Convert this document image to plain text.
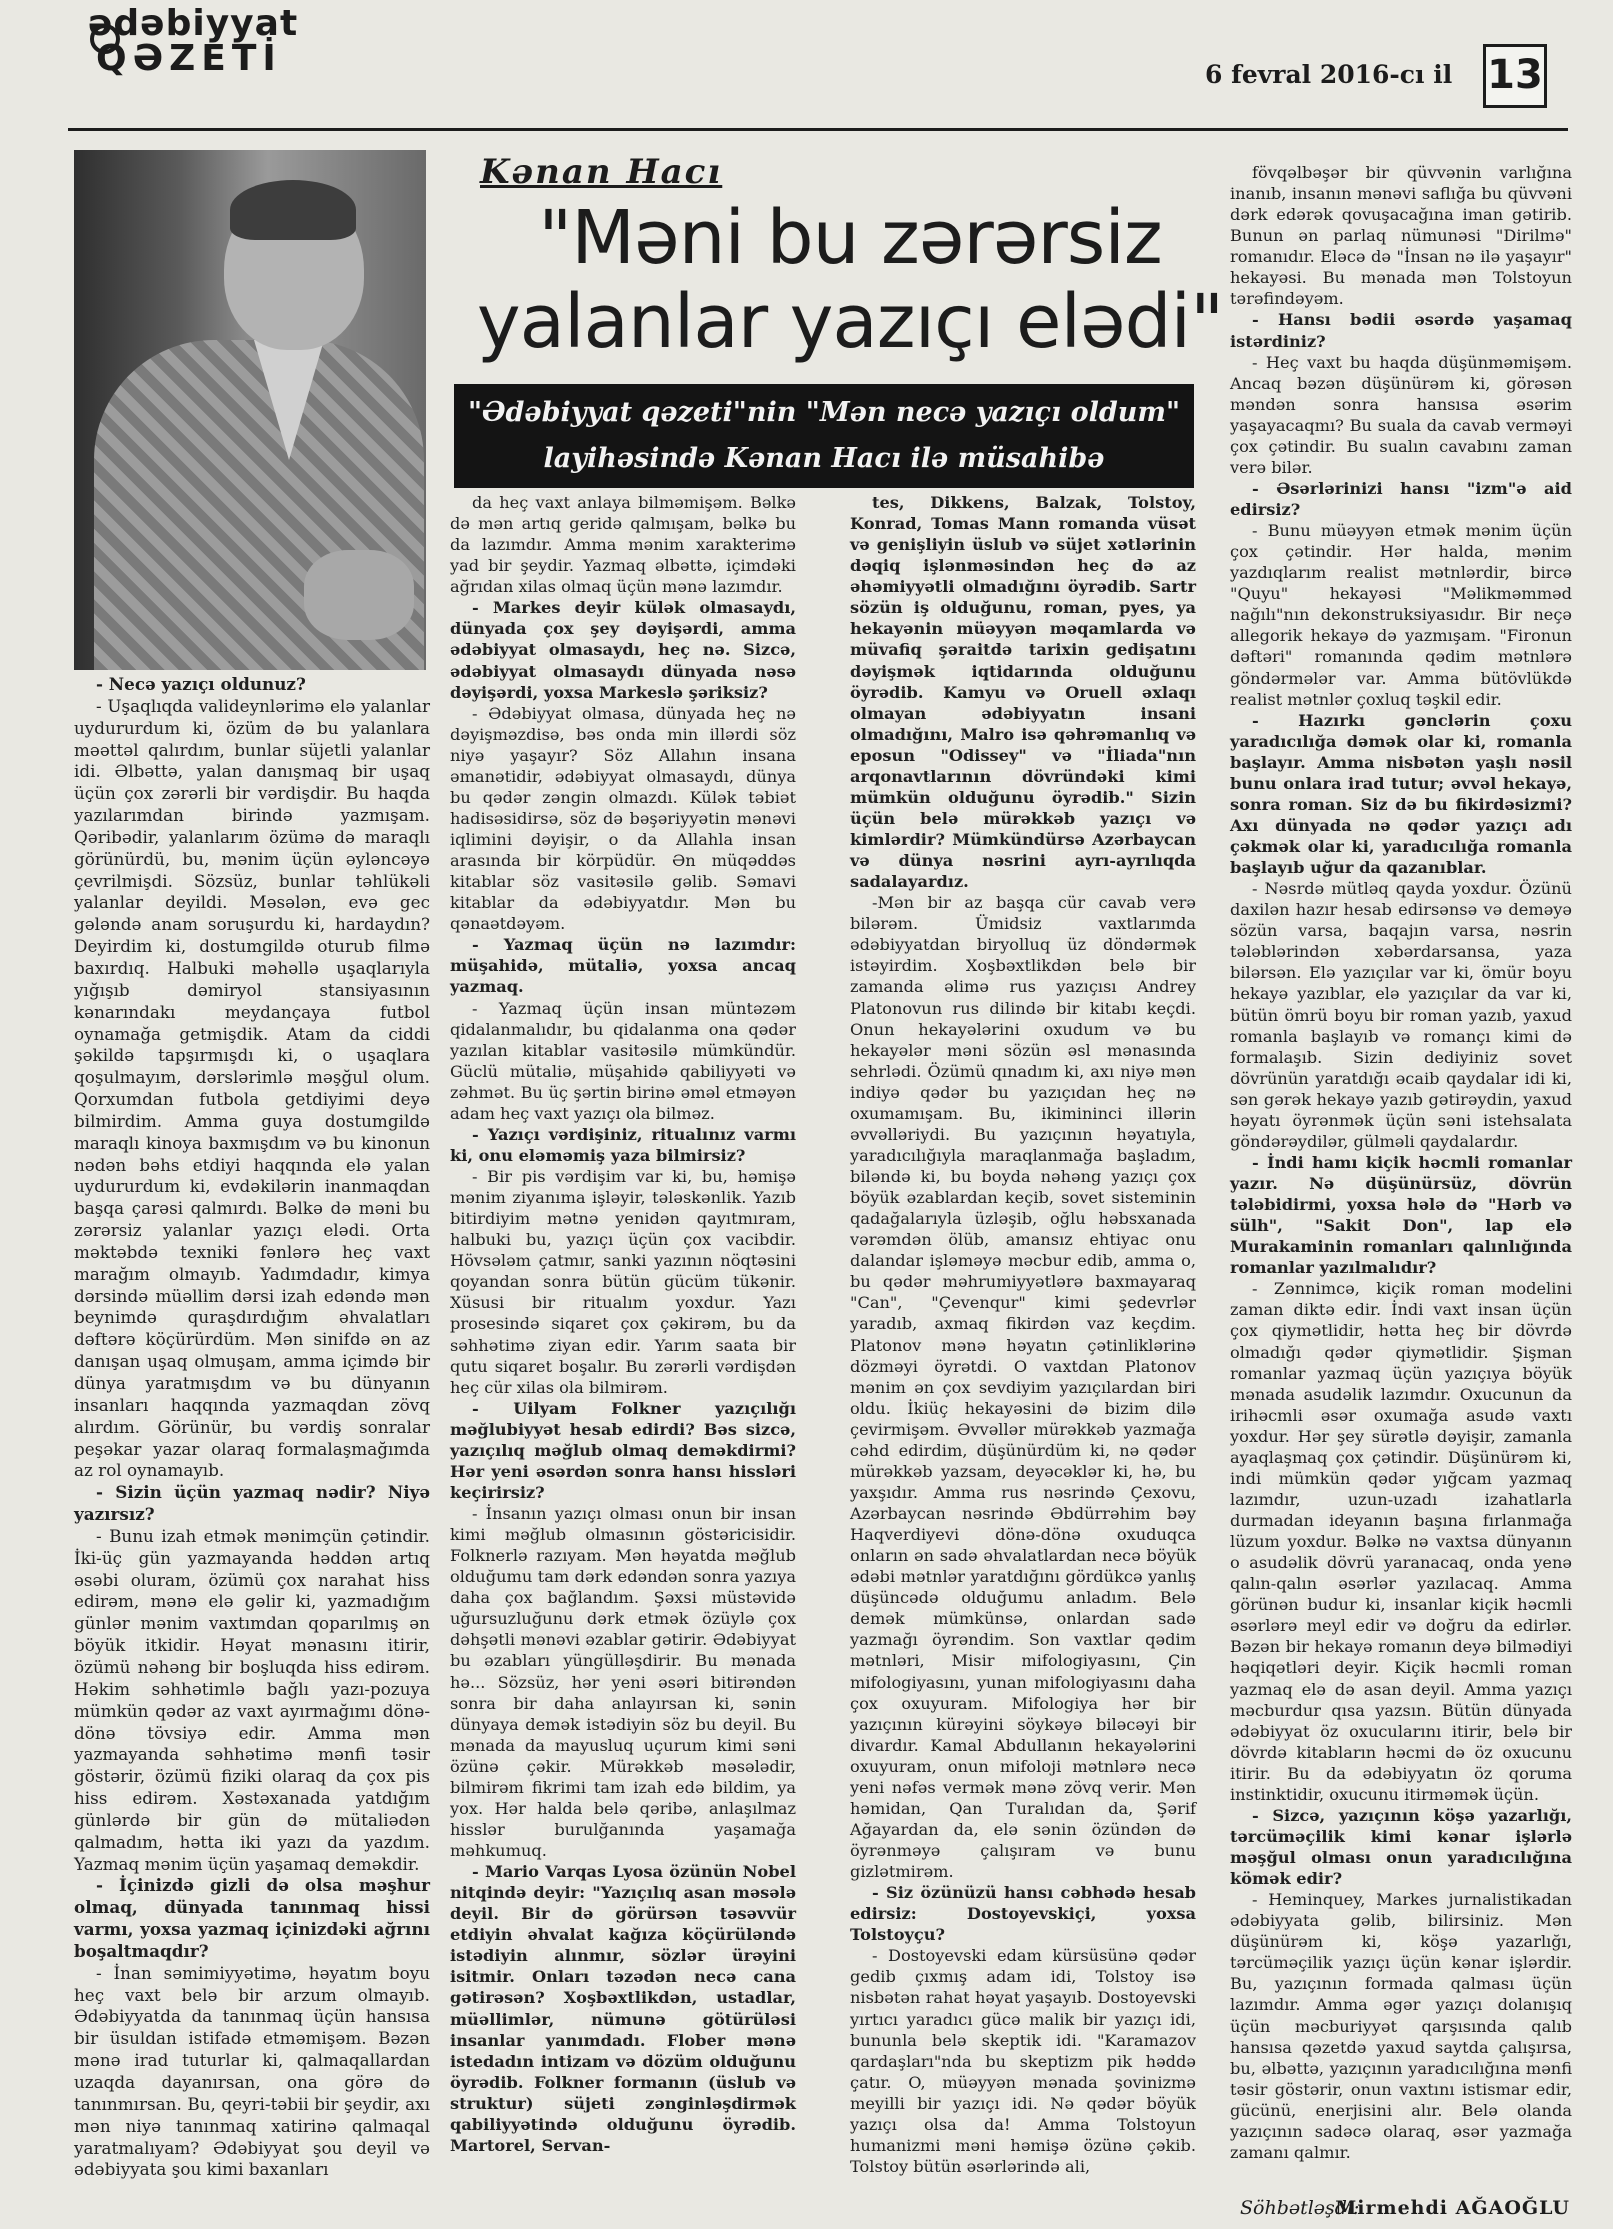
ədəbiyyat
QƏZETİ	6 fevral 2016-cı il 13
Kənan Hacı
"Məni bu zərərsiz
yalanlar yazıçı elədi"
"Ədəbiyyat qəzeti"nin "Mən necə yazıçı oldum"
layihəsində Kənan Hacı ilə müsahibə

- Necə yazıçı oldunuz?

- Uşaqlıqda valideynlərimə elə yalanlar uydururdum ki, özüm də bu yalanlara məəttəl qalırdım, bunlar süjetli yalanlar idi. Əlbəttə, yalan danışmaq bir uşaq üçün çox zərərli bir vərdişdir. Bu haqda yazılarımdan birində yazmışam. Qəribədir, yalanlarım özümə də maraqlı görünürdü, bu, mənim üçün əyləncəyə çevrilmişdi. Sözsüz, bunlar təhlükəli yalanlar deyildi. Məsələn, evə gec gələndə anam soruşurdu ki, hardaydın? Deyirdim ki, dostumgildə oturub filmə baxırdıq. Halbuki məhəllə uşaqlarıyla yığışıb dəmiryol stansiyasının kənarındakı meydançaya futbol oynamağa getmişdik. Atam da ciddi şəkildə tapşırmışdı ki, o uşaqlara qoşulmayım, dərslərimlə məşğul olum. Qorxumdan futbola getdiyimi deyə bilmirdim. Amma guya dostumgildə maraqlı kinoya baxmışdım və bu kinonun nədən bəhs etdiyi haqqında elə yalan uydururdum ki, evdəkilərin inanmaqdan başqa çarəsi qalmırdı. Bəlkə də məni bu zərərsiz yalanlar yazıçı elədi. Orta məktəbdə texniki fənlərə heç vaxt marağım olmayıb. Yadımdadır, kimya dərsində müəllim dərsi izah edəndə mən beynimdə quraşdırdığım əhvalatları dəftərə köçürürdüm. Mən sinifdə ən az danışan uşaq olmuşam, amma içimdə bir dünya yaratmışdım və bu dünyanın insanları haqqında yazmaqdan zövq alırdım. Görünür, bu vərdiş sonralar peşəkar yazar olaraq formalaşmağımda az rol oynamayıb.

- Sizin üçün yazmaq nədir? Niyə yazırsız?

- Bunu izah etmək mənimçün çətindir. İki-üç gün yazmayanda həddən artıq əsəbi oluram, özümü çox narahat hiss edirəm, mənə elə gəlir ki, yazmadığım günlər mənim vaxtımdan qoparılmış ən böyük itkidir. Həyat mənasını itirir, özümü nəhəng bir boşluqda hiss edirəm. Həkim səhhətimlə bağlı yazı-pozuya mümkün qədər az vaxt ayırmağımı dönə-dönə tövsiyə edir. Amma mən yazmayanda səhhətimə mənfi təsir göstərir, özümü fiziki olaraq da çox pis hiss edirəm. Xəstəxanada yatdığım günlərdə bir gün də mütaliədən qalmadım, hətta iki yazı da yazdım. Yazmaq mənim üçün yaşamaq deməkdir.

- İçinizdə gizli də olsa məşhur olmaq, dünyada tanınmaq hissi varmı, yoxsa yazmaq içinizdəki ağrını boşaltmaqdır?

- İnan səmimiyyətimə, həyatım boyu heç vaxt belə bir arzum olmayıb. Ədəbiyyatda da tanınmaq üçün hansısa bir üsuldan istifadə etməmişəm. Bəzən mənə irad tuturlar ki, qalmaqallardan uzaqda dayanırsan, ona görə də tanınmırsan. Bu, qeyri-təbii bir şeydir, axı mən niyə tanınmaq xatirinə qalmaqal yaratmalıyam? Ədəbiyyat şou deyil və ədəbiyyata şou kimi baxanları

da heç vaxt anlaya bilməmişəm. Bəlkə də mən artıq geridə qalmışam, bəlkə bu da lazımdır. Amma mənim xarakterimə yad bir şeydir. Yazmaq əlbəttə, içimdəki ağrıdan xilas olmaq üçün mənə lazımdır.

- Markes deyir külək olmasaydı, dünyada çox şey dəyişərdi, amma ədəbiyyat olmasaydı, heç nə. Sizcə, ədəbiyyat olmasaydı dünyada nəsə dəyişərdi, yoxsa Markeslə şəriksiz?

- Ədəbiyyat olmasa, dünyada heç nə dəyişməzdisə, bəs onda min illərdi söz niyə yaşayır? Söz Allahın insana əmanətidir, ədəbiyyat olmasaydı, dünya bu qədər zəngin olmazdı. Külək təbiət hadisəsidirsə, söz də bəşəriyyətin mənəvi iqlimini dəyişir, o da Allahla insan arasında bir körpüdür. Ən müqəddəs kitablar söz vasitəsilə gəlib. Səmavi kitablar da ədəbiyyatdır. Mən bu qənaətdəyəm.

- Yazmaq üçün nə lazımdır: müşahidə, mütaliə, yoxsa ancaq yazmaq.

- Yazmaq üçün insan müntəzəm qidalanmalıdır, bu qidalanma ona qədər yazılan kitablar vasitəsilə mümkündür. Güclü mütaliə, müşahidə qabiliyyəti və zəhmət. Bu üç şərtin birinə əməl etməyən adam heç vaxt yazıçı ola bilməz.

- Yazıçı vərdişiniz, ritualınız varmı ki, onu eləməmiş yaza bilmirsiz?

- Bir pis vərdişim var ki, bu, həmişə mənim ziyanıma işləyir, tələskənlik. Yazıb bitirdiyim mətnə yenidən qayıtmıram, halbuki bu, yazıçı üçün çox vacibdir. Hövsələm çatmır, sanki yazının nöqtəsini qoyandan sonra bütün gücüm tükənir. Xüsusi bir ritualım yoxdur. Yazı prosesində siqaret çox çəkirəm, bu da səhhətimə ziyan edir. Yarım saata bir qutu siqaret boşalır. Bu zərərli vərdişdən heç cür xilas ola bilmirəm.

- Uilyam Folkner yazıçılığı məğlubiyyət hesab edirdi? Bəs sizcə, yazıçılıq məğlub olmaq deməkdirmi? Hər yeni əsərdən sonra hansı hissləri keçirirsiz?

- İnsanın yazıçı olması onun bir insan kimi məğlub olmasının göstəricisidir. Folknerlə razıyam. Mən həyatda məğlub olduğumu tam dərk edəndən sonra yazıya daha çox bağlandım. Şəxsi müstəvidə uğursuzluğunu dərk etmək özüylə çox dəhşətli mənəvi əzablar gətirir. Ədəbiyyat bu əzabları yüngülləşdirir. Bu mənada hə... Sözsüz, hər yeni əsəri bitirəndən sonra bir daha anlayırsan ki, sənin dünyaya demək istədiyin söz bu deyil. Bu mənada da mayusluq uçurum kimi səni özünə çəkir. Mürəkkəb məsələdir, bilmirəm fikrimi tam izah edə bildim, ya yox. Hər halda belə qəribə, anlaşılmaz hisslər burulğanında yaşamağa məhkumuq.

- Mario Varqas Lyosa özünün Nobel nitqində deyir: "Yazıçılıq asan məsələ deyil. Bir də görürsən təsəvvür etdiyin əhvalat kağıza köçürüləndə istədiyin alınmır, sözlər ürəyini isitmir. Onları təzədən necə cana gətirəsən? Xoşbəxtlikdən, ustadlar, müəllimlər, nümunə götürüləsi insanlar yanımdadı. Flober mənə istedadın intizam və dözüm olduğunu öyrədib. Folkner formanın (üslub və struktur) süjeti zənginləşdirmək qabiliyyətində olduğunu öyrədib. Martorel, Servan-

tes, Dikkens, Balzak, Tolstoy, Konrad, Tomas Mann romanda vüsət və genişliyin üslub və süjet xətlərinin dəqiq işlənməsindən heç də az əhəmiyyətli olmadığını öyrədib. Sartr sözün iş olduğunu, roman, pyes, ya hekayənin müəyyən məqamlarda və müvafiq şəraitdə tarixin gedişatını dəyişmək iqtidarında olduğunu öyrədib. Kamyu və Oruell əxlaqı olmayan ədəbiyyatın insani olmadığını, Malro isə qəhrəmanlıq və eposun "Odissey" və "İliada"nın arqonavtlarının dövründəki kimi mümkün olduğunu öyrədib." Sizin üçün belə mürəkkəb yazıçı və kimlərdir? Mümkündürsə Azərbaycan və dünya nəsrini ayrı-ayrılıqda sadalayardız.

-Mən bir az başqa cür cavab verə bilərəm. Ümidsiz vaxtlarımda ədəbiyyatdan biryolluq üz döndərmək istəyirdim. Xoşbəxtlikdən belə bir zamanda əlimə rus yazıçısı Andrey Platonovun rus dilində bir kitabı keçdi. Onun hekayələrini oxudum və bu hekayələr məni sözün əsl mənasında sehrlədi. Özümü qınadım ki, axı niyə mən indiyə qədər bu yazıçıdan heç nə oxumamışam. Bu, ikimininci illərin əvvəlləriydi. Bu yazıçının həyatıyla, yaradıcılığıyla maraqlanmağa başladım, biləndə ki, bu boyda nəhəng yazıçı çox böyük əzablardan keçib, sovet sisteminin qadağalarıyla üzləşib, oğlu həbsxanada vərəmdən ölüb, amansız ehtiyac onu dalandar işləməyə məcbur edib, amma o, bu qədər məhrumiyyətlərə baxmayaraq "Can", "Çevenqur" kimi şedevrlər yaradıb, axmaq fikirdən vaz keçdim. Platonov mənə həyatın çətinliklərinə dözməyi öyrətdi. O vaxtdan Platonov mənim ən çox sevdiyim yazıçılardan biri oldu. İkiüç hekayəsini də bizim dilə çevirmişəm. Əvvəllər mürəkkəb yazmağa cəhd edirdim, düşünürdüm ki, nə qədər mürəkkəb yazsam, deyəcəklər ki, hə, bu yaxşıdır. Amma rus nəsrində Çexovu, Azərbaycan nəsrində Əbdürrəhim bəy Haqverdiyevi dönə-dönə oxuduqca onların ən sadə əhvalatlardan necə böyük ədəbi mətnlər yaratdığını gördükcə yanlış düşüncədə olduğumu anladım. Belə demək mümkünsə, onlardan sadə yazmağı öyrəndim. Son vaxtlar qədim mətnləri, Misir mifologiyasını, Çin mifologiyasını, yunan mifologiyasını daha çox oxuyuram. Mifologiya hər bir yazıçının kürəyini söykəyə biləcəyi bir divardır. Kamal Abdullanın hekayələrini oxuyuram, onun mifoloji mətnlərə necə yeni nəfəs vermək mənə zövq verir. Mən həmidan, Qan Turalıdan da, Şərif Ağayardan da, elə sənin özündən də öyrənməyə çalışıram və bunu gizlətmirəm.

- Siz özünüzü hansı cəbhədə hesab edirsiz: Dostoyevskiçi, yoxsa Tolstoyçu?

- Dostoyevski edam kürsüsünə qədər gedib çıxmış adam idi, Tolstoy isə nisbətən rahat həyat yaşayıb. Dostoyevski yırtıcı yaradıcı gücə malik bir yazıçı idi, bununla belə skeptik idi. "Karamazov qardaşları"nda bu skeptizm pik həddə çatır. O, müəyyən mənada şovinizmə meyilli bir yazıçı idi. Nə qədər böyük yazıçı olsa da! Amma Tolstoyun humanizmi məni həmişə özünə çəkib. Tolstoy bütün əsərlərində ali,

fövqəlbəşər bir qüvvənin varlığına inanıb, insanın mənəvi saflığa bu qüvvəni dərk edərək qovuşacağına iman gətirib. Bunun ən parlaq nümunəsi "Dirilmə" romanıdır. Eləcə də "İnsan nə ilə yaşayır" hekayəsi. Bu mənada mən Tolstoyun tərəfindəyəm.

- Hansı bədii əsərdə yaşamaq istərdiniz?

- Heç vaxt bu haqda düşünməmişəm. Ancaq bəzən düşünürəm ki, görəsən məndən sonra hansısa əsərim yaşayacaqmı? Bu suala da cavab verməyi çox çətindir. Bu sualın cavabını zaman verə bilər.

- Əsərlərinizi hansı "izm"ə aid edirsiz?

- Bunu müəyyən etmək mənim üçün çox çətindir. Hər halda, mənim yazdıqlarım realist mətnlərdir, bircə "Quyu" hekayəsi "Məlikməmməd nağılı"nın dekonstruksiyasıdır. Bir neçə allegorik hekayə də yazmışam. "Fironun dəftəri" romanında qədim mətnlərə göndərmələr var. Amma bütövlükdə realist mətnlər çoxluq təşkil edir.

- Hazırkı gənclərin çoxu yaradıcılığa dəmək olar ki, romanla başlayır. Amma nisbətən yaşlı nəsil bunu onlara irad tutur; əvvəl hekayə, sonra roman. Siz də bu fikirdəsizmi? Axı dünyada nə qədər yazıçı adı çəkmək olar ki, yaradıcılığa romanla başlayıb uğur da qazanıblar.

- Nəsrdə mütləq qayda yoxdur. Özünü daxilən hazır hesab edirsənsə və deməyə sözün varsa, baqajın varsa, nəsrin tələblərindən xəbərdarsansa, yaza bilərsən. Elə yazıçılar var ki, ömür boyu hekayə yazıblar, elə yazıçılar da var ki, bütün ömrü boyu bir roman yazıb, yaxud romanla başlayıb və romançı kimi də formalaşıb. Sizin dediyiniz sovet dövrünün yaratdığı əcaib qaydalar idi ki, sən gərək hekayə yazıb gətirəydin, yaxud həyatı öyrənmək üçün səni istehsalata göndərəydilər, gülməli qaydalardır.

- İndi hamı kiçik həcmli romanlar yazır. Nə düşünürsüz, dövrün tələbidirmi, yoxsa hələ də "Hərb və sülh", "Sakit Don", lap elə Murakaminin romanları qalınlığında romanlar yazılmalıdır?

- Zənnimcə, kiçik roman modelini zaman diktə edir. İndi vaxt insan üçün çox qiymətlidir, hətta heç bir dövrdə olmadığı qədər qiymətlidir. Şişman romanlar yazmaq üçün yazıçıya böyük mənada asudəlik lazımdır. Oxucunun da irihəcmli əsər oxumağa asudə vaxtı yoxdur. Hər şey sürətlə dəyişir, zamanla ayaqlaşmaq çox çətindir. Düşünürəm ki, indi mümkün qədər yığcam yazmaq lazımdır, uzun-uzadı izahatlarla durmadan ideyanın başına fırlanmağa lüzum yoxdur. Bəlkə nə vaxtsa dünyanın o asudəlik dövrü yaranacaq, onda yenə qalın-qalın əsərlər yazılacaq. Amma görünən budur ki, insanlar kiçik həcmli əsərlərə meyl edir və doğru da edirlər. Bəzən bir hekayə romanın deyə bilmədiyi həqiqətləri deyir. Kiçik həcmli roman yazmaq elə də asan deyil. Amma yazıçı məcburdur qısa yazsın. Bütün dünyada ədəbiyyat öz oxucularını itirir, belə bir dövrdə kitabların həcmi də öz oxucunu itirir. Bu da ədəbiyyatın öz qoruma instinktidir, oxucunu itirməmək üçün.

- Sizcə, yazıçının köşə yazarlığı, tərcüməçilik kimi kənar işlərlə məşğul olması onun yaradıcılığına kömək edir?

- Heminquey, Markes jurnalistikadan ədəbiyyata gəlib, bilirsiniz. Mən düşünürəm ki, köşə yazarlığı, tərcüməçilik yazıçı üçün kənar işlərdir. Bu, yazıçının formada qalması üçün lazımdır. Amma əgər yazıçı dolanışıq üçün məcburiyyət qarşısında qalıb hansısa qəzetdə yaxud saytda çalışırsa, bu, əlbəttə, yazıçının yaradıcılığına mənfi təsir göstərir, onun vaxtını istismar edir, gücünü, enerjisini alır. Belə olanda yazıçının sadəcə olaraq, əsər yazmağa zamanı qalmır.

Söhbətləşdi:
Mirmehdi AĞAOĞLU
